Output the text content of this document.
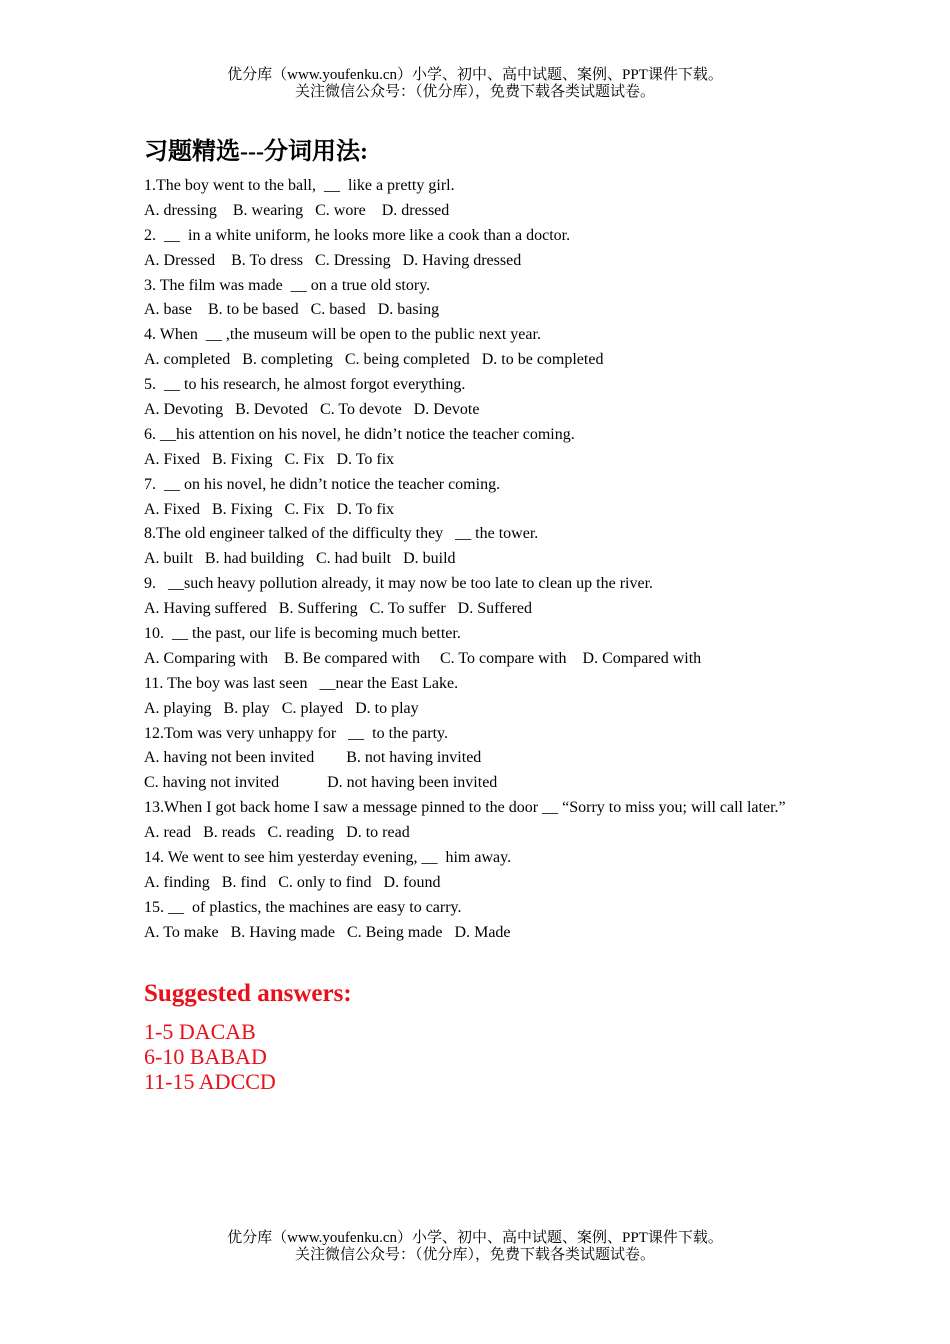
优分库（www.youfenku.cn）小学、初中、高中试题、案例、PPT课件下载。
关注微信公众号：（优分库），免费下载各类试题试卷。
习题精选---分词用法:
1.The boy went to the ball,  __  like a pretty girl.
A. dressing    B. wearing   C. wore    D. dressed
2.  __  in a white uniform, he looks more like a cook than a doctor.
A. Dressed    B. To dress   C. Dressing   D. Having dressed
3. The film was made  __ on a true old story.
A. base    B. to be based   C. based   D. basing
4. When  __ ,the museum will be open to the public next year.
A. completed   B. completing   C. being completed   D. to be completed
5.  __ to his research, he almost forgot everything.
A. Devoting   B. Devoted   C. To devote   D. Devote
6. __his attention on his novel, he didn’t notice the teacher coming.
A. Fixed   B. Fixing   C. Fix   D. To fix
7.  __ on his novel, he didn’t notice the teacher coming.
A. Fixed   B. Fixing   C. Fix   D. To fix
8.The old engineer talked of the difficulty they   __ the tower.
A. built   B. had building   C. had built   D. build
9.   __such heavy pollution already, it may now be too late to clean up the river.
A. Having suffered   B. Suffering   C. To suffer   D. Suffered
10.  __ the past, our life is becoming much better.
A. Comparing with    B. Be compared with     C. To compare with    D. Compared with
11. The boy was last seen   __near the East Lake.
A. playing   B. play   C. played   D. to play
12.Tom was very unhappy for   __  to the party.
A. having not been invited        B. not having invited
C. having not invited            D. not having been invited
13.When I got back home I saw a message pinned to the door __ “Sorry to miss you; will call later.”
A. read   B. reads   C. reading   D. to read
14. We went to see him yesterday evening, __  him away.
A. finding   B. find   C. only to find   D. found
15. __  of plastics, the machines are easy to carry.
A. To make   B. Having made   C. Being made   D. Made
Suggested answers:
1-5 DACAB
6-10 BABAD
11-15 ADCCD
优分库（www.youfenku.cn）小学、初中、高中试题、案例、PPT课件下载。
关注微信公众号：（优分库），免费下载各类试题试卷。
